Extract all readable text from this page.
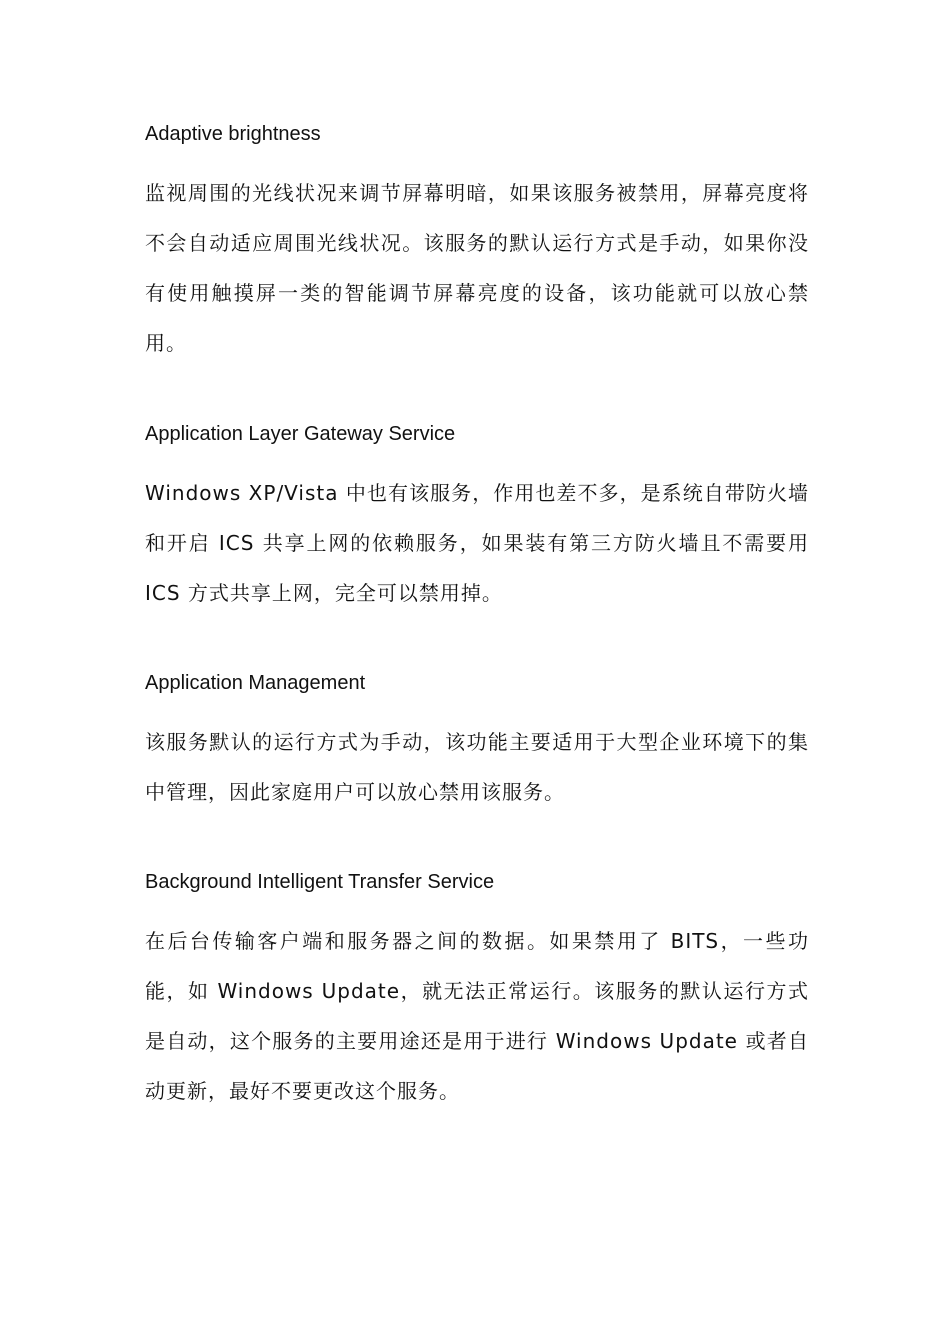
Adaptive brightness

监视周围的光线状况来调节屏幕明暗，如果该服务被禁用，屏幕亮度将不会自动适应周围光线状况。该服务的默认运行方式是手动，如果你没有使用触摸屏一类的智能调节屏幕亮度的设备，该功能就可以放心禁用。

Application Layer Gateway Service

Windows XP/Vista 中也有该服务，作用也差不多，是系统自带防火墙和开启 ICS 共享上网的依赖服务，如果装有第三方防火墙且不需要用 ICS 方式共享上网，完全可以禁用掉。

Application Management

该服务默认的运行方式为手动，该功能主要适用于大型企业环境下的集中管理，因此家庭用户可以放心禁用该服务。

Background Intelligent Transfer Service

在后台传输客户端和服务器之间的数据。如果禁用了 BITS，一些功能，如 Windows Update，就无法正常运行。该服务的默认运行方式是自动，这个服务的主要用途还是用于进行 Windows Update 或者自动更新，最好不要更改这个服务。
